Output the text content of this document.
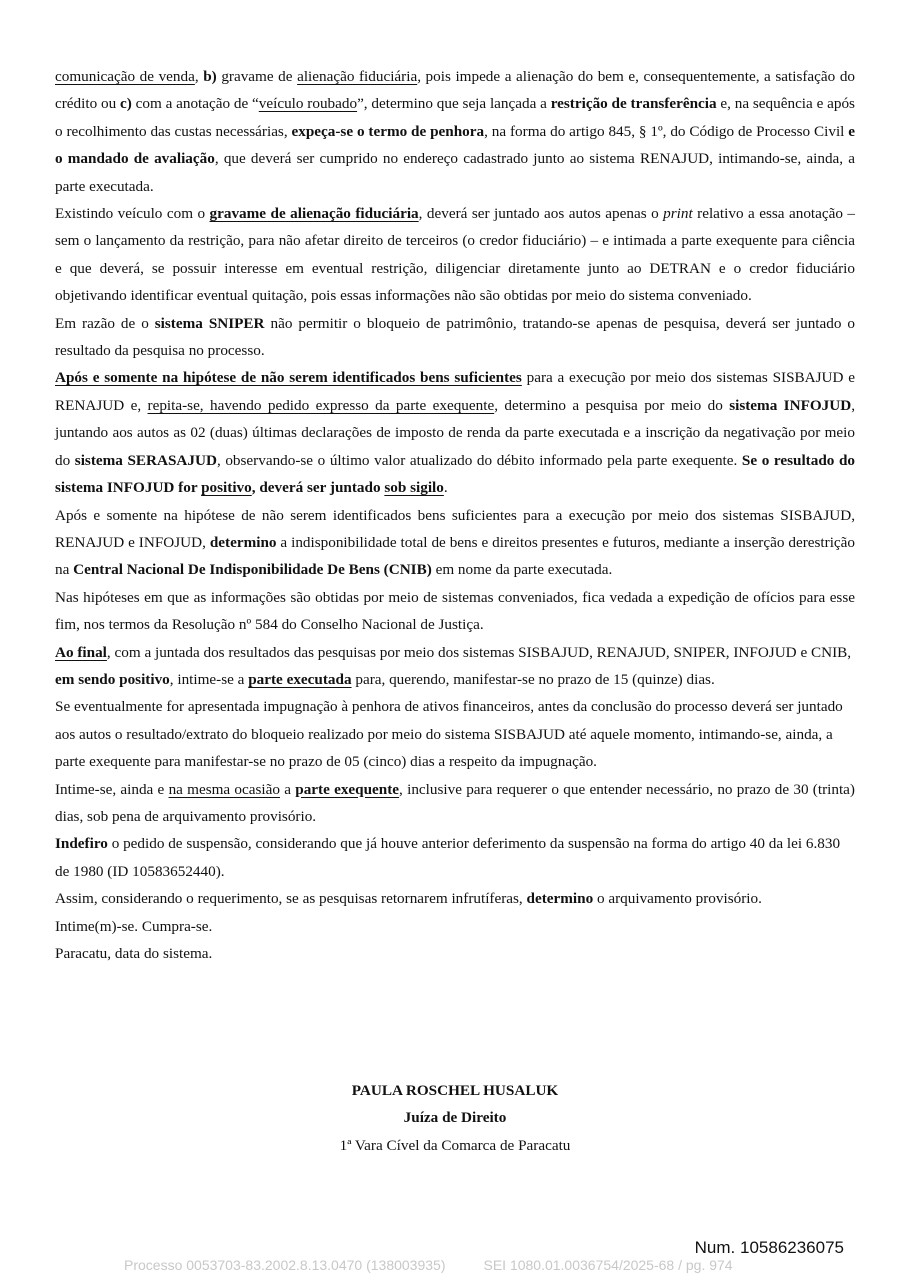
comunicação de venda, b) gravame de alienação fiduciária, pois impede a alienação do bem e, consequentemente, a satisfação do crédito ou c) com a anotação de “veículo roubado”, determino que seja lançada a restrição de transferência e, na sequência e após o recolhimento das custas necessárias, expeça-se o termo de penhora, na forma do artigo 845, § 1º, do Código de Processo Civil e o mandado de avaliação, que deverá ser cumprido no endereço cadastrado junto ao sistema RENAJUD, intimando-se, ainda, a parte executada.

Existindo veículo com o gravame de alienação fiduciária, deverá ser juntado aos autos apenas o print relativo a essa anotação – sem o lançamento da restrição, para não afetar direito de terceiros (o credor fiduciário) – e intimada a parte exequente para ciência e que deverá, se possuir interesse em eventual restrição, diligenciar diretamente junto ao DETRAN e o credor fiduciário objetivando identificar eventual quitação, pois essas informações não são obtidas por meio do sistema conveniado.

Em razão de o sistema SNIPER não permitir o bloqueio de patrimônio, tratando-se apenas de pesquisa, deverá ser juntado o resultado da pesquisa no processo.

Após e somente na hipótese de não serem identificados bens suficientes para a execução por meio dos sistemas SISBAJUD e RENAJUD e, repita-se, havendo pedido expresso da parte exequente, determino a pesquisa por meio do sistema INFOJUD, juntando aos autos as 02 (duas) últimas declarações de imposto de renda da parte executada e a inscrição da negativação por meio do sistema SERASAJUD, observando-se o último valor atualizado do débito informado pela parte exequente. Se o resultado do sistema INFOJUD for positivo, deverá ser juntado sob sigilo.

Após e somente na hipótese de não serem identificados bens suficientes para a execução por meio dos sistemas SISBAJUD, RENAJUD e INFOJUD, determino a indisponibilidade total de bens e direitos presentes e futuros, mediante a inserção derestrição na Central Nacional De Indisponibilidade De Bens (CNIB) em nome da parte executada.

Nas hipóteses em que as informações são obtidas por meio de sistemas conveniados, fica vedada a expedição de ofícios para esse fim, nos termos da Resolução nº 584 do Conselho Nacional de Justiça.

Ao final, com a juntada dos resultados das pesquisas por meio dos sistemas SISBAJUD, RENAJUD, SNIPER, INFOJUD e CNIB, em sendo positivo, intime-se a parte executada para, querendo, manifestar-se no prazo de 15 (quinze) dias.

Se eventualmente for apresentada impugnação à penhora de ativos financeiros, antes da conclusão do processo deverá ser juntado aos autos o resultado/extrato do bloqueio realizado por meio do sistema SISBAJUD até aquele momento, intimando-se, ainda, a parte exequente para manifestar-se no prazo de 05 (cinco) dias a respeito da impugnação.

Intime-se, ainda e na mesma ocasião a parte exequente, inclusive para requerer o que entender necessário, no prazo de 30 (trinta) dias, sob pena de arquivamento provisório.

Indefiro o pedido de suspensão, considerando que já houve anterior deferimento da suspensão na forma do artigo 40 da lei 6.830 de 1980 (ID 10583652440).

Assim, considerando o requerimento, se as pesquisas retornarem infrutíferas, determino o arquivamento provisório.

Intime(m)-se. Cumpra-se.

Paracatu, data do sistema.

PAULA ROSCHEL HUSALUK
Juíza de Direito
1ª Vara Cível da Comarca de Paracatu
Num. 10586236075
Processo 0053703-83.2002.8.13.0470 (138003935)	SEI 1080.01.0036754/2025-68 / pg. 974
